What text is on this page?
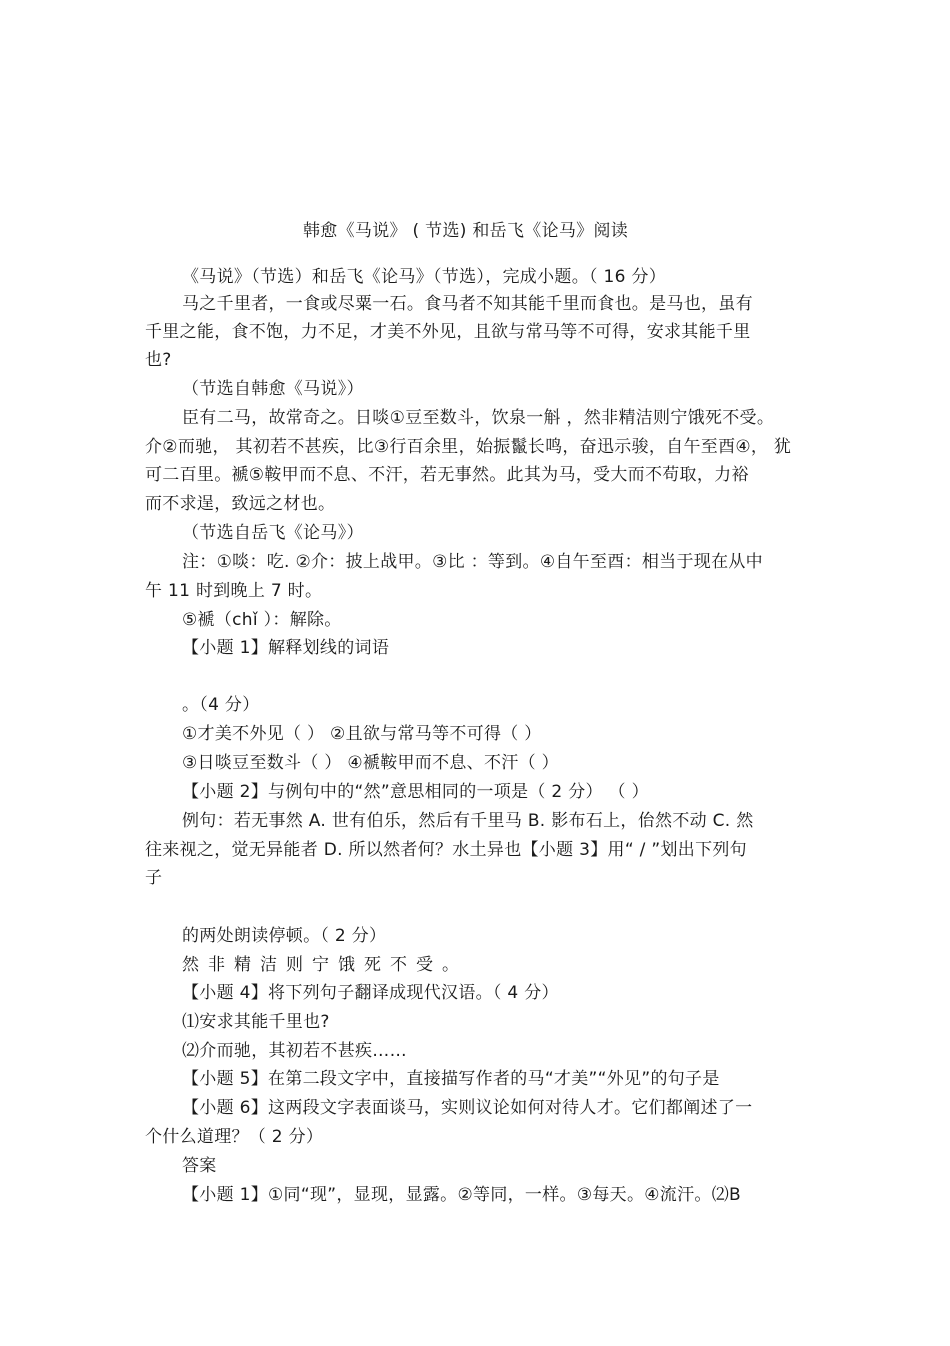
韩愈《马说》 ( 节选) 和岳飞《论马》阅读
《马说》（节选）和岳飞《论马》（节选），完成小题。（ 16 分）
马之千里者，一食或尽粟一石。食马者不知其能千里而食也。是马也，虽有
千里之能，食不饱，力不足，才美不外见，且欲与常马等不可得，安求其能千里
也?
（节选自韩愈《马说》）
臣有二马，故常奇之。日啖①豆至数斗，饮泉一斛 ，然非精洁则宁饿死不受。
介②而驰， 其初若不甚疾，比③行百余里，始振鬣长鸣，奋迅示骏，自午至酉④， 犹
可二百里。褫⑤鞍甲而不息、不汗，若无事然。此其为马，受大而不苟取，力裕
而不求逞，致远之材也。
（节选自岳飞《论马》）
注：①啖：吃. ②介：披上战甲。③比 ：等到。④自午至酉：相当于现在从中
午 11 时到晚上 7 时。
⑤褫（chǐ ）：解除。
【小题 1】解释划线的词语
。（4 分）
①才美不外见（ ） ②且欲与常马等不可得（ ）
③日啖豆至数斗（ ） ④褫鞍甲而不息、不汗（ ）
【小题 2】与例句中的“然”意思相同的一项是（ 2 分） （ ）
例句：若无事然 A. 世有伯乐，然后有千里马 B. 影布石上，佁然不动 C. 然
往来视之，觉无异能者 D. 所以然者何？水土异也【小题 3】用“ / ”划出下列句
子
的两处朗读停顿。（ 2 分）
然非精洁则宁饿死不受。
【小题 4】将下列句子翻译成现代汉语。（ 4 分）
⑴安求其能千里也?
⑵介而驰，其初若不甚疾……
【小题 5】在第二段文字中，直接描写作者的马“才美”“外见”的句子是
【小题 6】这两段文字表面谈马，实则议论如何对待人才。它们都阐述了一
个什么道理？（ 2 分）
答案
【小题 1】①同“现”，显现，显露。②等同，一样。③每天。④流汗。⑵B
